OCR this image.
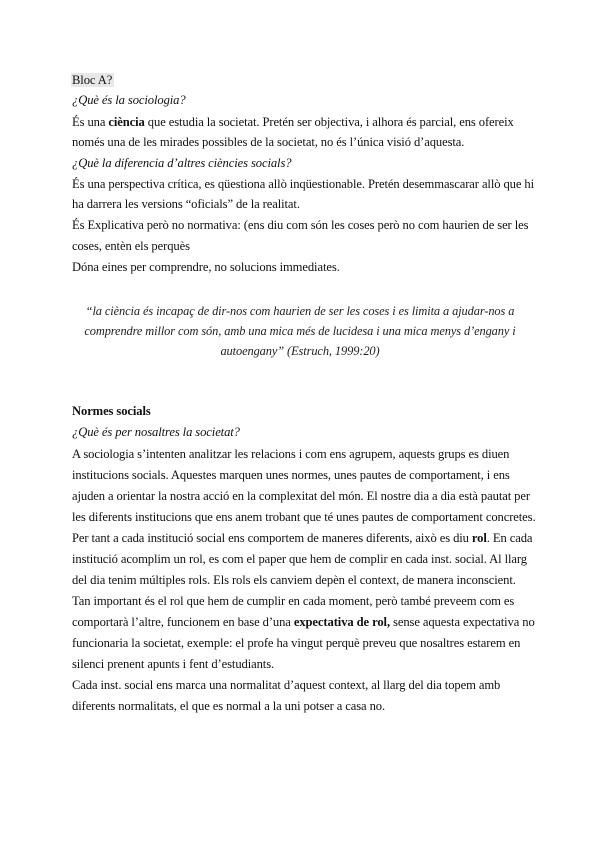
Bloc A?
¿Què és la sociologia?
És una ciència que estudia la societat. Pretén ser objectiva, i alhora és parcial, ens ofereix
només una de les mirades possibles de la societat, no és l’única visió d’aquesta.
¿Què la diferencia d’altres ciències socials?
És una perspectiva crítica, es qüestiona allò inqüestionable. Pretén desemmascarar allò que hi
ha darrera les versions “oficials” de la realitat.
És Explicativa però no normativa: (ens diu com són les coses però no com haurien de ser les
coses, entèn els perquès
Dóna eines per comprendre, no solucions immediates.
“la ciència és incapaç de dir-nos com haurien de ser les coses i es limita a ajudar-nos a
comprendre millor com són, amb una mica més de lucidesa i una mica menys d’engany i
autoengany” (Estruch, 1999:20)
Normes socials
¿Què és per nosaltres la societat?
A sociologia s’intenten analitzar les relacions i com ens agrupem, aquests grups es diuen
institucions socials. Aquestes marquen unes normes, unes pautes de comportament, i ens
ajuden a orientar la nostra acció en la complexitat del món. El nostre dia a dia està pautat per
les diferents institucions que ens anem trobant que té unes pautes de comportament concretes.
Per tant a cada institució social ens comportem de maneres diferents, això es diu rol. En cada
institució acomplim un rol, es com el paper que hem de complir en cada inst. social. Al llarg
del dia tenim múltiples rols. Els rols els canviem depèn el context, de manera inconscient.
Tan important és el rol que hem de cumplir en cada moment, però també preveem com es
comportarà l’altre, funcionem en base d’una expectativa de rol, sense aquesta expectativa no
funcionaria la societat, exemple: el profe ha vingut perquè preveu que nosaltres estarem en
silenci prenent apunts i fent d’estudiants.
Cada inst. social ens marca una normalitat d’aquest context, al llarg del dia topem amb
diferents normalitats, el que es normal a la uni potser a casa no.
